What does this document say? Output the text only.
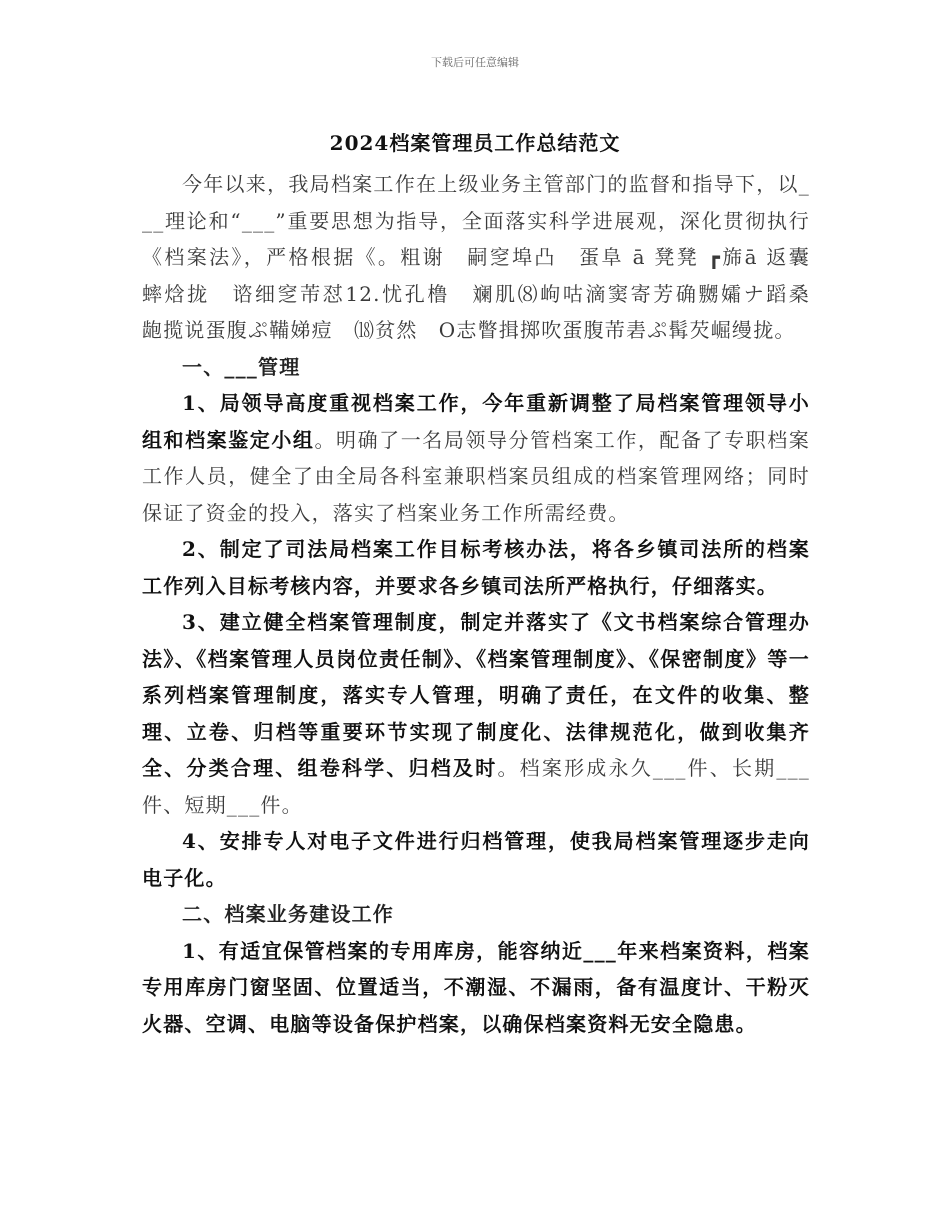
下载后可任意编辑
2024档案管理员工作总结范文

今年以来，我局档案工作在上级业务主管部门的监督和指导下，以___理论和“___”重要思想为指导，全面落实科学进展观，深化贯彻执行《档案法》，严格根据《。粗谢　嗣窆埠凸　蛋阜 ā 凳凳 ┏旆ā 返囊　蟀焓拢　谘细窆芾怼12.忧孔橹　斓肌⑻岣咕滴窦寄芳确嬲孀ナ蹈桑　龅揽说蛋腹ぷ鞴娣痘　⒅贫然　O志瞥揖掷吹蛋腹芾砉ぷ髯芡崛缦拢。

一、___管理

1、局领导高度重视档案工作，今年重新调整了局档案管理领导小组和档案鉴定小组。明确了一名局领导分管档案工作，配备了专职档案工作人员，健全了由全局各科室兼职档案员组成的档案管理网络；同时保证了资金的投入，落实了档案业务工作所需经费。

2、制定了司法局档案工作目标考核办法，将各乡镇司法所的档案工作列入目标考核内容，并要求各乡镇司法所严格执行，仔细落实。

3、建立健全档案管理制度，制定并落实了《文书档案综合管理办法》、《档案管理人员岗位责任制》、《档案管理制度》、《保密制度》等一系列档案管理制度，落实专人管理，明确了责任，在文件的收集、整理、立卷、归档等重要环节实现了制度化、法律规范化，做到收集齐全、分类合理、组卷科学、归档及时。档案形成永久___件、长期___件、短期___件。

4、安排专人对电子文件进行归档管理，使我局档案管理逐步走向电子化。

二、档案业务建设工作

1、有适宜保管档案的专用库房，能容纳近___年来档案资料，档案专用库房门窗坚固、位置适当，不潮湿、不漏雨，备有温度计、干粉灭火器、空调、电脑等设备保护档案，以确保档案资料无安全隐患。
